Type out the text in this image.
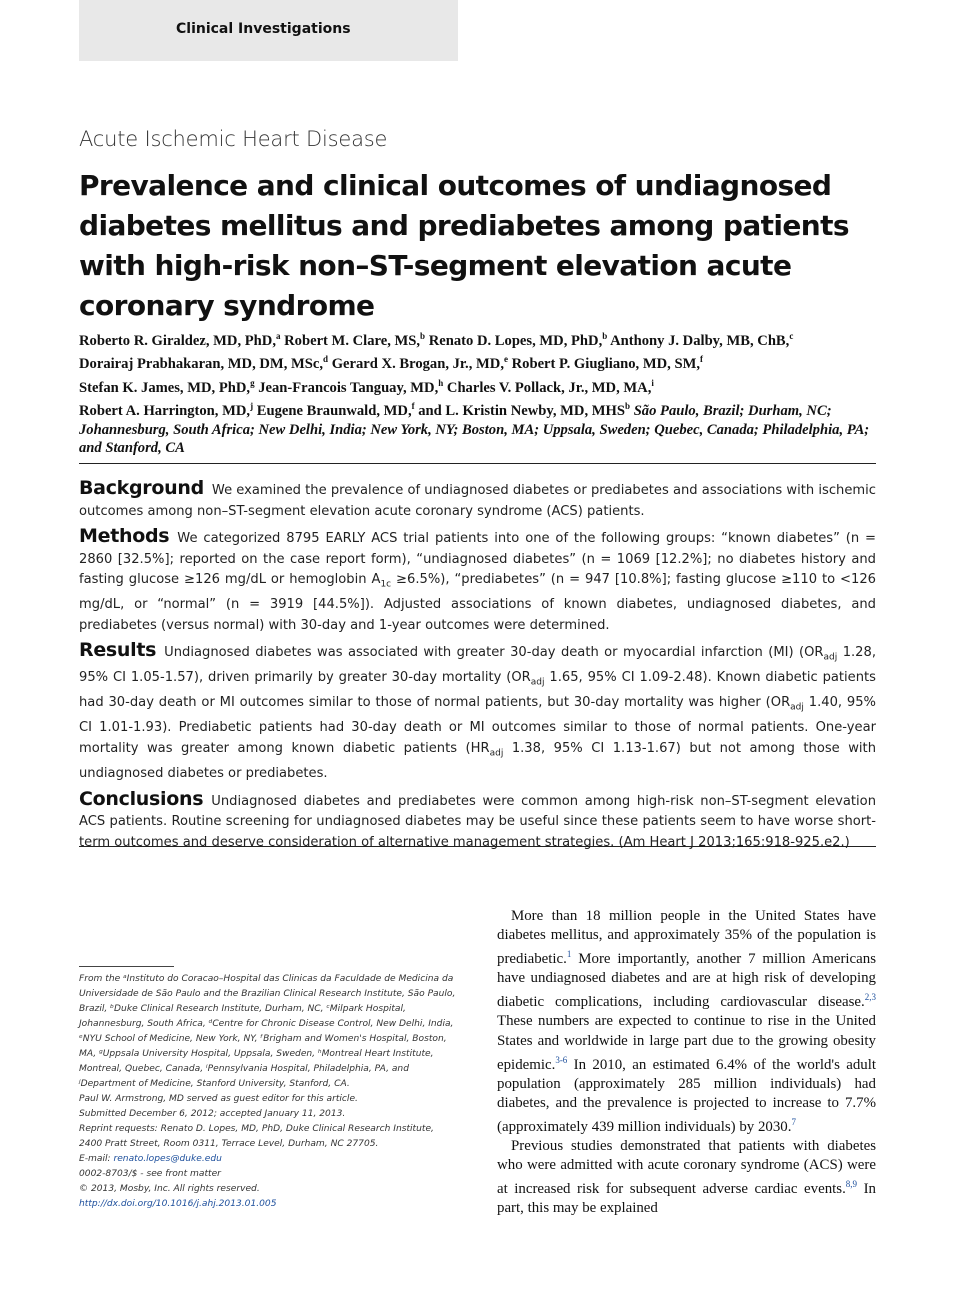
Clinical Investigations
Acute Ischemic Heart Disease
Prevalence and clinical outcomes of undiagnosed diabetes mellitus and prediabetes among patients with high-risk non–ST-segment elevation acute coronary syndrome

Roberto R. Giraldez, MD, PhD,$^a$ Robert M. Clare, MS,$^b$ Renato D. Lopes, MD, PhD,$^b$ Anthony J. Dalby, MB, ChB,$^c$
Dorairaj Prabhakaran, MD, DM, MSc,$^d$ Gerard X. Brogan, Jr., MD,$^e$ Robert P. Giugliano, MD, SM,$^f$
Stefan K. James, MD, PhD,$^g$ Jean-Francois Tanguay, MD,$^h$ Charles V. Pollack, Jr., MD, MA,$^i$
Robert A. Harrington, MD,$^j$ Eugene Braunwald, MD,$^f$ and L. Kristin Newby, MD, MHS$^b$ São Paulo, Brazil; Durham, NC; Johannesburg, South Africa; New Delhi, India; New York, NY; Boston, MA; Uppsala, Sweden; Quebec, Canada; Philadelphia, PA; and Stanford, CA

Background We examined the prevalence of undiagnosed diabetes or prediabetes and associations with ischemic outcomes among non–ST-segment elevation acute coronary syndrome (ACS) patients.

Methods We categorized 8795 EARLY ACS trial patients into one of the following groups: “known diabetes” (n = 2860 [32.5%]; reported on the case report form), “undiagnosed diabetes” (n = 1069 [12.2%]; no diabetes history and fasting glucose ≥126 mg/dL or hemoglobin $A_{1c} \ge 6.5\%$), “prediabetes” (n = 947 [10.8%]; fasting glucose ≥110 to <126 mg/dL, or “normal” (n = 3919 [44.5%]). Adjusted associations of known diabetes, undiagnosed diabetes, and prediabetes (versus normal) with 30-day and 1-year outcomes were determined.

Results Undiagnosed diabetes was associated with greater 30-day death or myocardial infarction (MI) ($OR_{adj}$ 1.28, 95% CI 1.05-1.57), driven primarily by greater 30-day mortality ($OR_{adj}$ 1.65, 95% CI 1.09-2.48). Known diabetic patients had 30-day death or MI outcomes similar to those of normal patients, but 30-day mortality was higher ($OR_{adj}$ 1.40, 95% CI 1.01-1.93). Prediabetic patients had 30-day death or MI outcomes similar to those of normal patients. One-year mortality was greater among known diabetic patients ($HR_{adj}$ 1.38, 95% CI 1.13-1.67) but not among those with undiagnosed diabetes or prediabetes.

Conclusions Undiagnosed diabetes and prediabetes were common among high-risk non–ST-segment elevation ACS patients. Routine screening for undiagnosed diabetes may be useful since these patients seem to have worse short-term outcomes and deserve consideration of alternative management strategies. (Am Heart J 2013;165:918-925.e2.)

From the ᵃInstituto do Coracao–Hospital das Clinicas da Faculdade de Medicina da Universidade de São Paulo and the Brazilian Clinical Research Institute, São Paulo, Brazil, ᵇDuke Clinical Research Institute, Durham, NC, ᶜMilpark Hospital, Johannesburg, South Africa, ᵈCentre for Chronic Disease Control, New Delhi, India, ᵉNYU School of Medicine, New York, NY, ᶠBrigham and Women's Hospital, Boston, MA, ᵍUppsala University Hospital, Uppsala, Sweden, ʰMontreal Heart Institute, Montreal, Quebec, Canada, ⁱPennsylvania Hospital, Philadelphia, PA, and ʲDepartment of Medicine, Stanford University, Stanford, CA.

Paul W. Armstrong, MD served as guest editor for this article.

Submitted December 6, 2012; accepted January 11, 2013.

Reprint requests: Renato D. Lopes, MD, PhD, Duke Clinical Research Institute, 2400 Pratt Street, Room 0311, Terrace Level, Durham, NC 27705.

E-mail: renato.lopes@duke.edu

0002-8703/$ - see front matter

© 2013, Mosby, Inc. All rights reserved.

http://dx.doi.org/10.1016/j.ahj.2013.01.005

More than 18 million people in the United States have diabetes mellitus, and approximately 35% of the population is prediabetic.$^1$ More importantly, another 7 million Americans have undiagnosed diabetes and are at high risk of developing diabetic complications, including cardiovascular disease.$^{2,3}$ These numbers are expected to continue to rise in the United States and worldwide in large part due to the growing obesity epidemic.$^{3-6}$ In 2010, an estimated 6.4% of the world's adult population (approximately 285 million individuals) had diabetes, and the prevalence is projected to increase to 7.7% (approximately 439 million individuals) by 2030.$^7$

Previous studies demonstrated that patients with diabetes who were admitted with acute coronary syndrome (ACS) were at increased risk for subsequent adverse cardiac events.$^{8,9}$ In part, this may be explained
